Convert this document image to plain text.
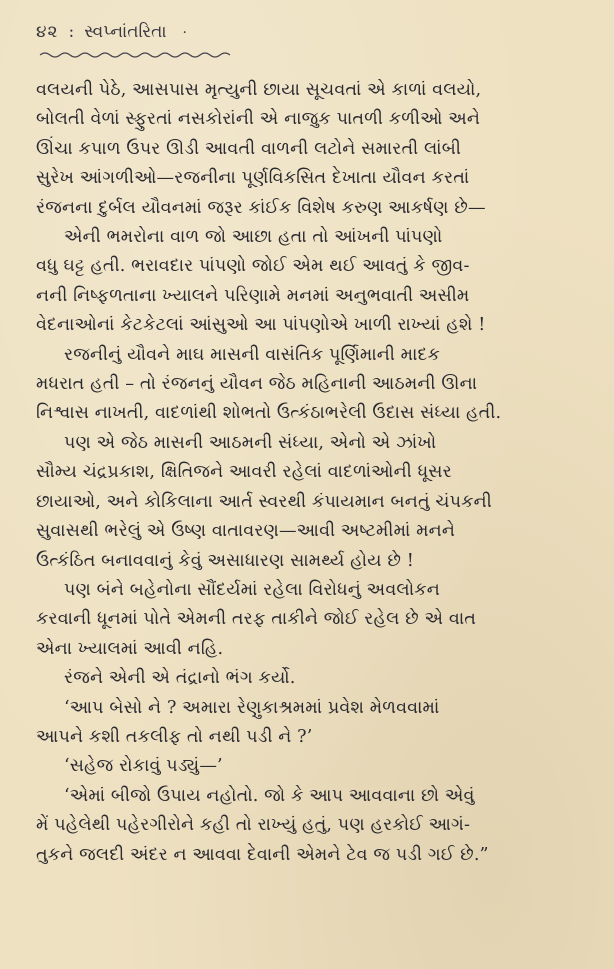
૪૨ : સ્વપ્નાંતરિતા ·

વલયની પેઠે, આસપાસ મૃત્યુની છાયા સૂચવતાં એ કાળાં વલયો,
બોલતી વેળાં સ્ફુરતાં નસકોરાંની એ નાજુક પાતળી કળીઓ અને
ઊંચા કપાળ ઉપર ઊડી આવતી વાળની લટોને સમારતી લાંબી
સુરેખ આંગળીઓ—રજનીના પૂર્ણવિકસિત દેખાતા યૌવન કરતાં
રંજનના દુર્બલ યૌવનમાં જરૂર કાંઈક વિશેષ કરુણ આકર્ષણ છે—

એની ભમરોના વાળ જો આછા હતા તો આંખની પાંપણો
વધુ ઘટ્ટ હતી. ભરાવદાર પાંપણો જોઈ એમ થઈ આવતું કે જીવ-
નની નિષ્ફળતાના ખ્યાલને પરિણામે મનમાં અનુભવાતી અસીમ
વેદનાઓનાં કેટકેટલાં આંસુઓ આ પાંપણોએ ખાળી રાખ્યાં હશે !

રજનીનું યૌવને માઘ માસની વાસંતિક પૂર્ણિમાની માદક
મધરાત હતી – તો રંજનનું યૌવન જેઠ મહિનાની આઠમની ઊના
નિશ્વાસ નાખતી, વાદળાંથી શોભતો ઉત્કંઠાભરેલી ઉદાસ સંધ્યા હતી.

પણ એ જેઠ માસની આઠમની સંધ્યા, એનો એ ઝાંખો
સૌમ્ય ચંદ્રપ્રકાશ, ક્ષિતિજને આવરી રહેલાં વાદળાંઓની ધૂસર
છાયાઓ, અને કોકિલાના આર્ત સ્વરથી કંપાયમાન બનતું ચંપકની
સુવાસથી ભરેલું એ ઉષ્ણ વાતાવરણ—આવી અષ્ટમીમાં મનને
ઉત્કંઠિત બનાવવાનું કેવું અસાધારણ સામર્થ્ય હોય છે !

પણ બંને બહેનોના સૌંદર્યમાં રહેલા વિરોધનું અવલોકન
કરવાની ધૂનમાં પોતે એમની તરફ તાકીને જોઈ રહેલ છે એ વાત
એના ખ્યાલમાં આવી નહિ.

રંજને એની એ તંદ્રાનો ભંગ કર્યો.

‘આપ બેસો ને ? અમારા રેણુકાશ્રમમાં પ્રવેશ મેળવવામાં
આપને કશી તકલીફ તો નથી પડી ને ?’

‘સહેજ રોકાવું પડ્યું—’

‘એમાં બીજો ઉપાય નહોતો. જો કે આપ આવવાના છો એવું
મેં પહેલેથી પહેરગીરોને કહી તો રાખ્યું હતું, પણ હરકોઈ આગં-
તુકને જલદી અંદર ન આવવા દેવાની એમને ટેવ જ પડી ગઈ છે.”
